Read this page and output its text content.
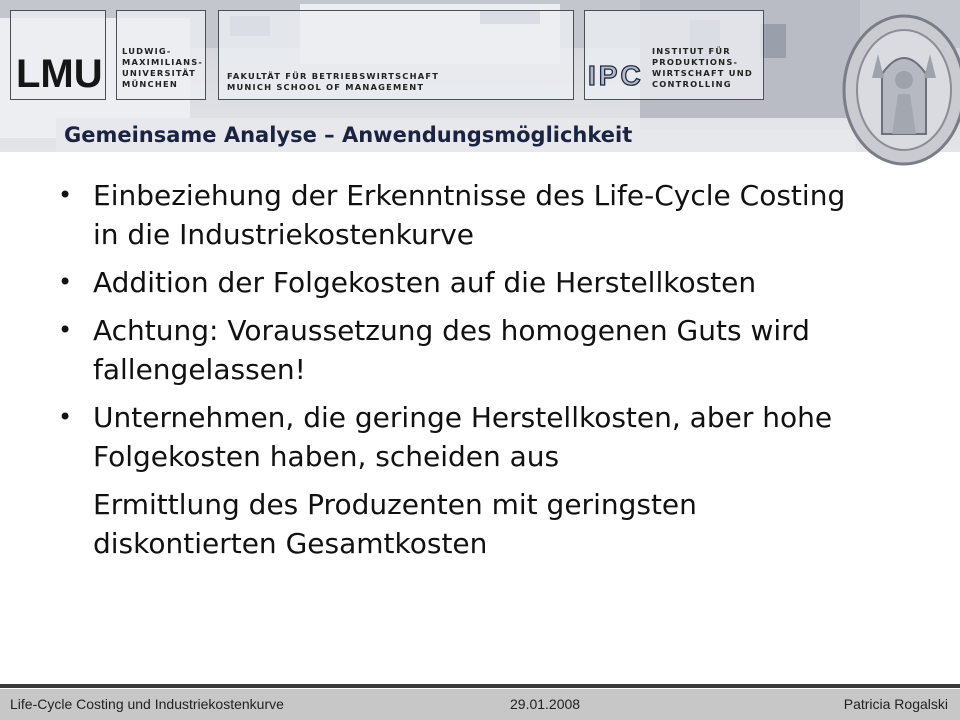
LMU
LUDWIG-
MAXIMILIANS-
UNIVERSITÄT
MÜNCHEN
FAKULTÄT FÜR BETRIEBSWIRTSCHAFT
MUNICH SCHOOL OF MANAGEMENT	IPC
INSTITUT FÜR
PRODUKTIONS-
WIRTSCHAFT UND
CONTROLLING
Gemeinsame Analyse – Anwendungsmöglichkeit
• Einbeziehung der Erkenntnisse des Life-Cycle Costing in die Industriekostenkurve
• Addition der Folgekosten auf die Herstellkosten
• Achtung: Voraussetzung des homogenen Guts wird fallengelassen!
• Unternehmen, die geringe Herstellkosten, aber hohe Folgekosten haben, scheiden aus
Ermittlung des Produzenten mit geringsten diskontierten Gesamtkosten
Life-Cycle Costing und Industriekostenkurve	29.01.2008	Patricia Rogalski
